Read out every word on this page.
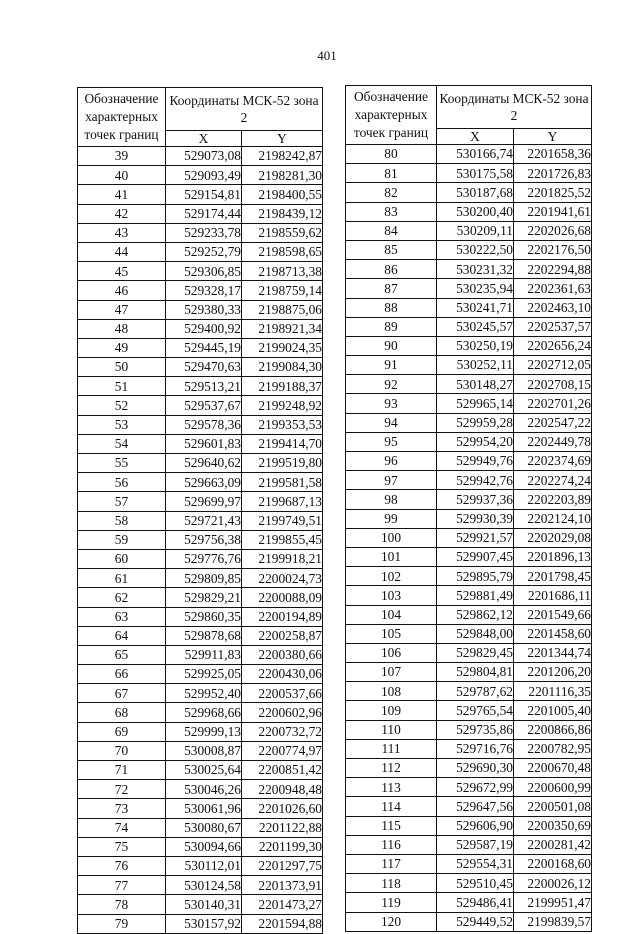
401
Обозначение характерных точек границ	Координаты МСК-52 зона 2	
	X	Y
39	529073,08	2198242,87
40	529093,49	2198281,30
41	529154,81	2198400,55
42	529174,44	2198439,12
43	529233,78	2198559,62
44	529252,79	2198598,65
45	529306,85	2198713,38
46	529328,17	2198759,14
47	529380,33	2198875,06
48	529400,92	2198921,34
49	529445,19	2199024,35
50	529470,63	2199084,30
51	529513,21	2199188,37
52	529537,67	2199248,92
53	529578,36	2199353,53
54	529601,83	2199414,70
55	529640,62	2199519,80
56	529663,09	2199581,58
57	529699,97	2199687,13
58	529721,43	2199749,51
59	529756,38	2199855,45
60	529776,76	2199918,21
61	529809,85	2200024,73
62	529829,21	2200088,09
63	529860,35	2200194,89
64	529878,68	2200258,87
65	529911,83	2200380,66
66	529925,05	2200430,06
67	529952,40	2200537,66
68	529968,66	2200602,96
69	529999,13	2200732,72
70	530008,87	2200774,97
71	530025,64	2200851,42
72	530046,26	2200948,48
73	530061,96	2201026,60
74	530080,67	2201122,88
75	530094,66	2201199,30
76	530112,01	2201297,75
77	530124,58	2201373,91
78	530140,31	2201473,27
79	530157,92	2201594,88
Обозначение характерных точек границ	Координаты МСК-52 зона 2	
	X	Y
80	530166,74	2201658,36
81	530175,58	2201726,83
82	530187,68	2201825,52
83	530200,40	2201941,61
84	530209,11	2202026,68
85	530222,50	2202176,50
86	530231,32	2202294,88
87	530235,94	2202361,63
88	530241,71	2202463,10
89	530245,57	2202537,57
90	530250,19	2202656,24
91	530252,11	2202712,05
92	530148,27	2202708,15
93	529965,14	2202701,26
94	529959,28	2202547,22
95	529954,20	2202449,78
96	529949,76	2202374,69
97	529942,76	2202274,24
98	529937,36	2202203,89
99	529930,39	2202124,10
100	529921,57	2202029,08
101	529907,45	2201896,13
102	529895,79	2201798,45
103	529881,49	2201686,11
104	529862,12	2201549,66
105	529848,00	2201458,60
106	529829,45	2201344,74
107	529804,81	2201206,20
108	529787,62	2201116,35
109	529765,54	2201005,40
110	529735,86	2200866,86
111	529716,76	2200782,95
112	529690,30	2200670,48
113	529672,99	2200600,99
114	529647,56	2200501,08
115	529606,90	2200350,69
116	529587,19	2200281,42
117	529554,31	2200168,60
118	529510,45	2200026,12
119	529486,41	2199951,47
120	529449,52	2199839,57
